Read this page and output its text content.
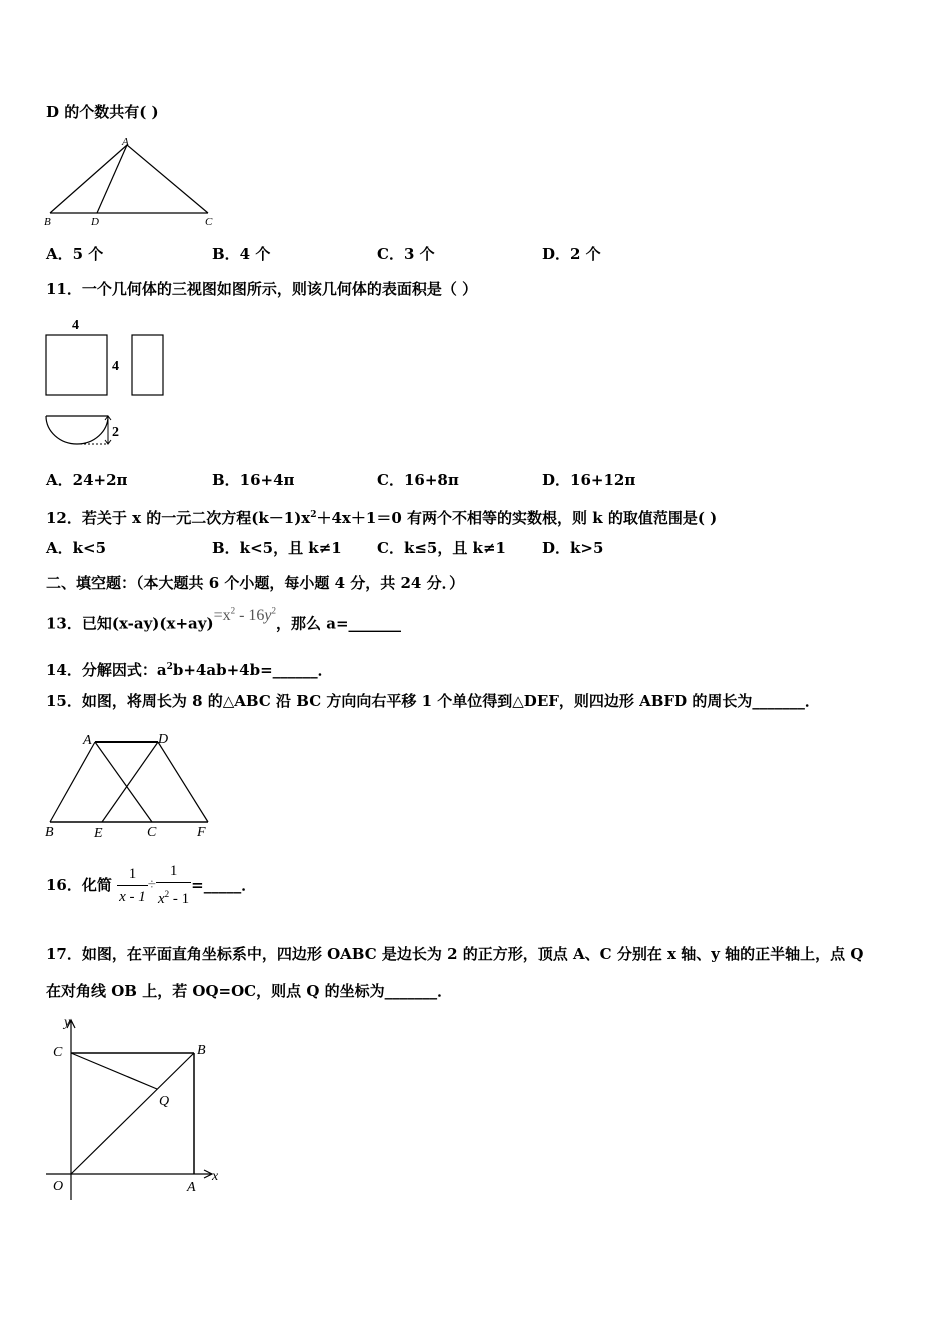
D 的个数共有( )
A
B	D	C
A．5 个	B．4 个	C．3 个	D．2 个
11．一个几何体的三视图如图所示，则该几何体的表面积是（ ）
4
4
2
A．24+2π	B．16+4π	C．16+8π	D．16+12π
12．若关于 x 的一元二次方程$(k-1)x^2+4x+1=0$ 有两个不相等的实数根，则 k 的取值范围是( )
A．k<5	B．k<5，且 k≠1 C．k≤5，且 k≠1 D．k>5
二、填空题：（本大题共 6 个小题，每小题 4 分，共 24 分．）
13．已知$(x-ay)(x+ay)=x^2 - 16y^2$，那么 a=_______
14．分解因式：$a^2b+4ab+4b=\_\_\_\_\_\_$．
15．如图，将周长为 8 的△ABC 沿 BC 方向向右平移 1 个单位得到△DEF，则四边形 ABFD 的周长为_______．
A	D
B	E	C	F
16．化简 $\frac{1}{x - 1} \div \frac{1}{x^2 - 1}$ =_____．
17．如图，在平面直角坐标系中，四边形 OABC 是边长为 2 的正方形，顶点 A、C 分别在 x 轴、y 轴的正半轴上，点 Q
在对角线 OB 上，若 OQ=OC，则点 Q 的坐标为_______．
y
x
C	B
Q
O	A
